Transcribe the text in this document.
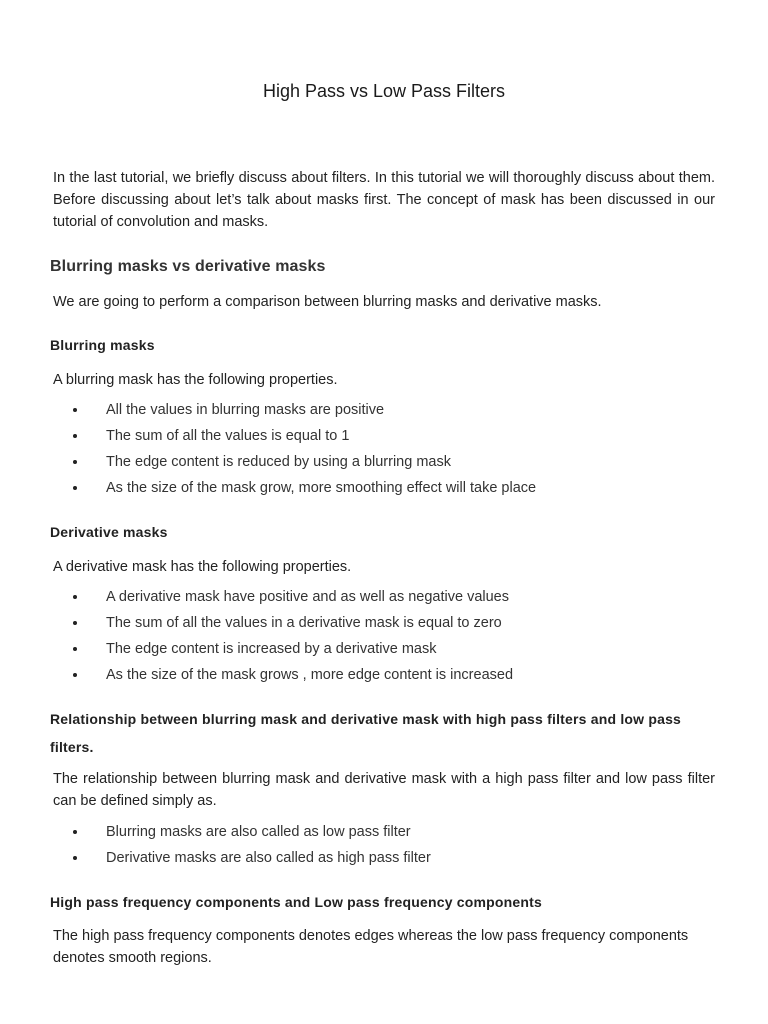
High Pass vs Low Pass Filters

In the last tutorial, we briefly discuss about filters. In this tutorial we will thoroughly discuss about them. Before discussing about let’s talk about masks first. The concept of mask has been discussed in our tutorial of convolution and masks.

Blurring masks vs derivative masks

We are going to perform a comparison between blurring masks and derivative masks.

Blurring masks

A blurring mask has the following properties.

All the values in blurring masks are positive
The sum of all the values is equal to 1
The edge content is reduced by using a blurring mask
As the size of the mask grow, more smoothing effect will take place
Derivative masks

A derivative mask has the following properties.

A derivative mask have positive and as well as negative values
The sum of all the values in a derivative mask is equal to zero
The edge content is increased by a derivative mask
As the size of the mask grows , more edge content is increased
Relationship between blurring mask and derivative mask with high pass filters and low pass filters.

The relationship between blurring mask and derivative mask with a high pass filter and low pass filter can be defined simply as.

Blurring masks are also called as low pass filter
Derivative masks are also called as high pass filter
High pass frequency components and Low pass frequency components

The high pass frequency components denotes edges whereas the low pass frequency components denotes smooth regions.
